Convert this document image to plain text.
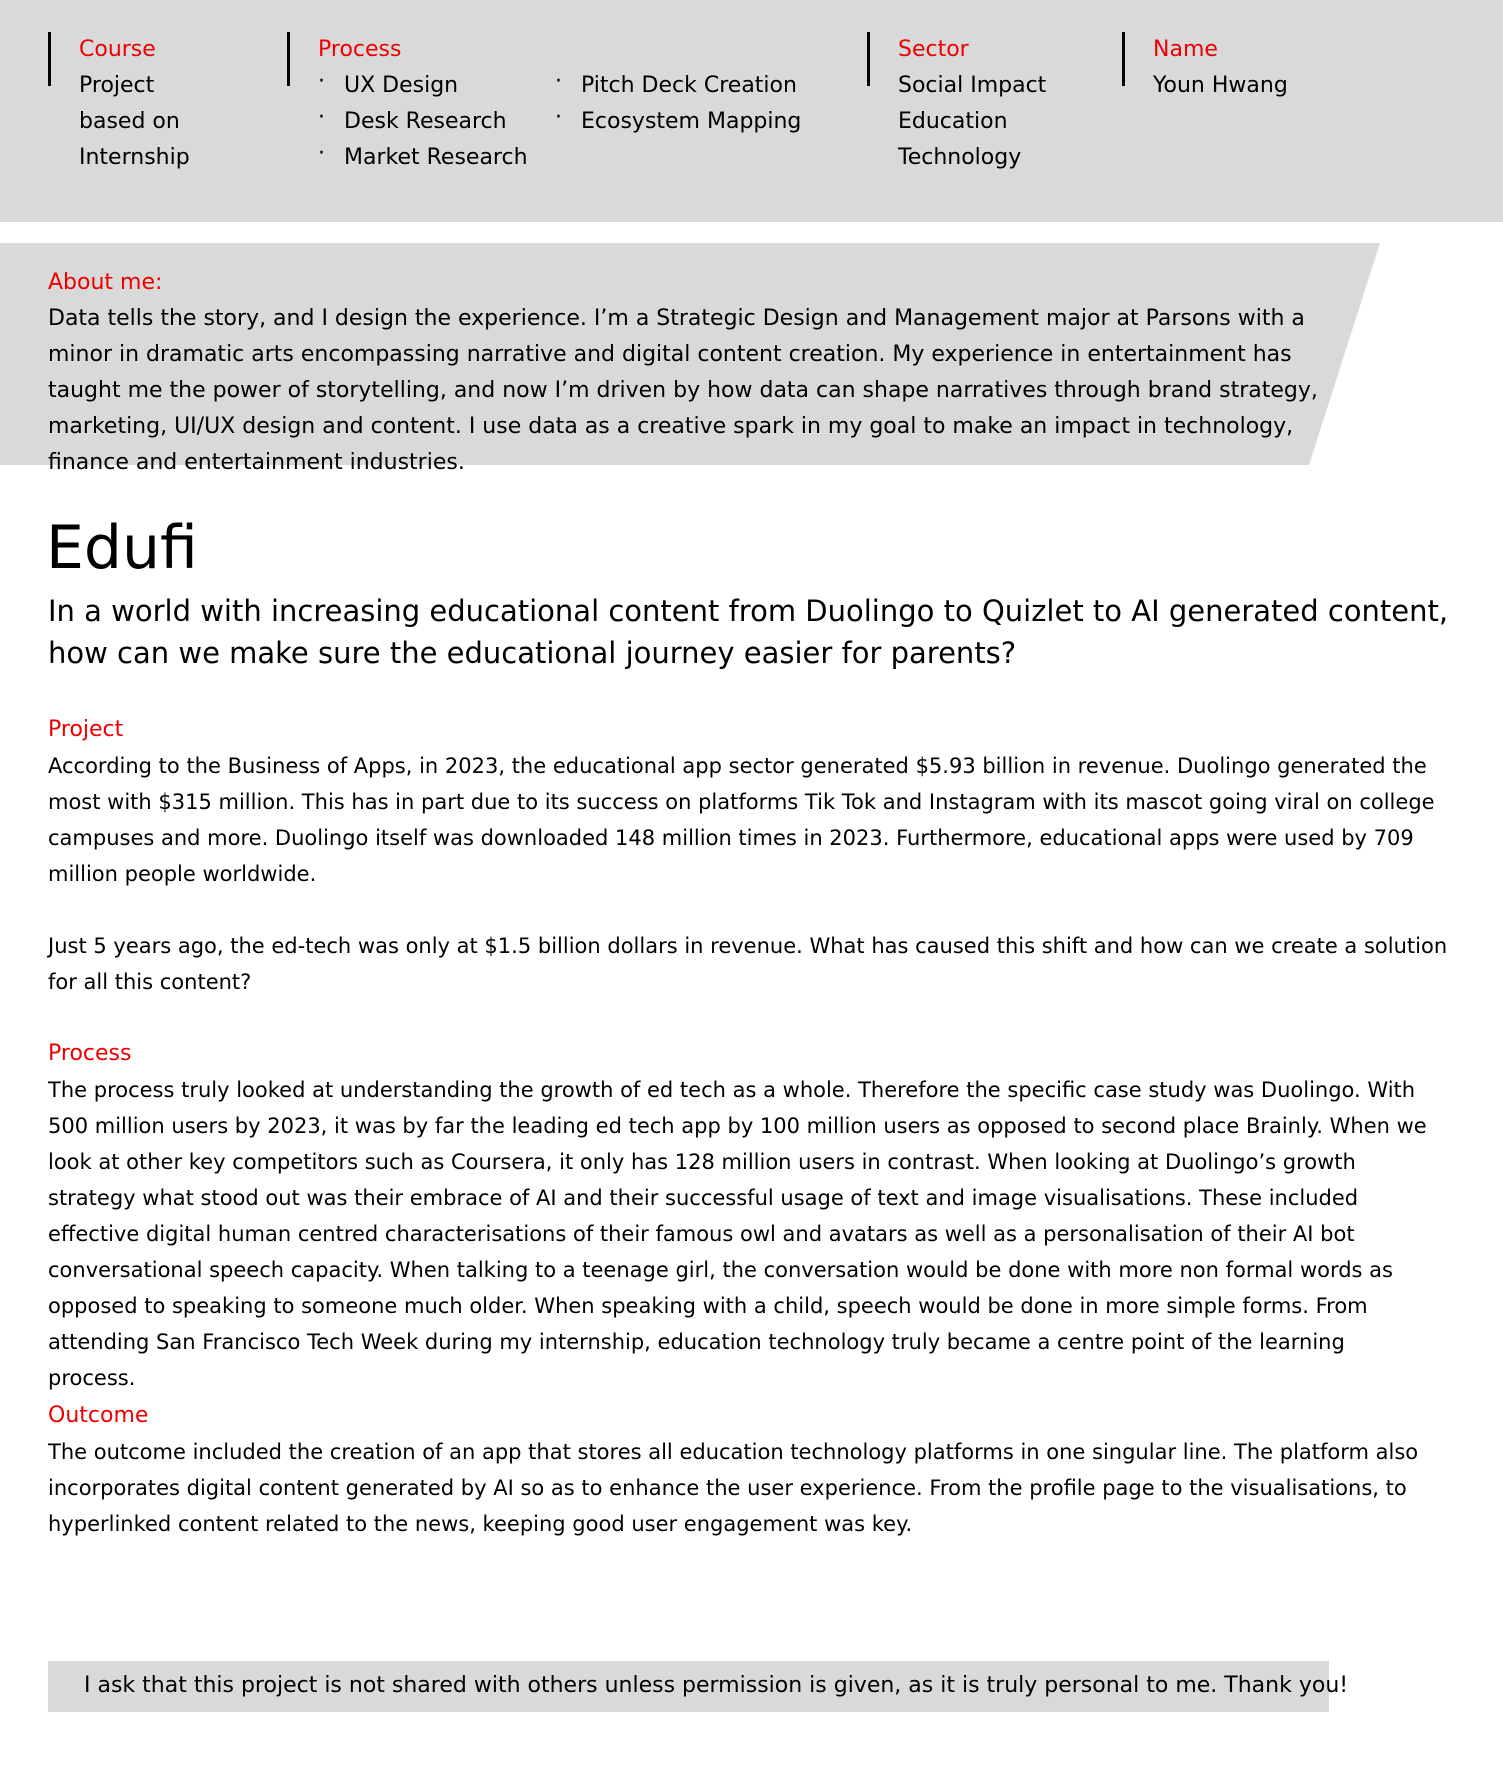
Course
Project
based on
Internship
Process
· UX Design
· Desk Research
· Market Research
· Pitch Deck Creation
· Ecosystem Mapping
Sector
Social Impact
Education
Technology
Name
Youn Hwang
About me:

Data tells the story, and I design the experience. I’m a Strategic Design and Management major at Parsons with a minor in dramatic arts encompassing narrative and digital content creation. My experience in entertainment has taught me the power of storytelling, and now I’m driven by how data can shape narratives through brand strategy, marketing, UI/UX design and content. I use data as a creative spark in my goal to make an impact in technology, finance and entertainment industries.

Edufi

In a world with increasing educational content from Duolingo to Quizlet to AI generated content, how can we make sure the educational journey easier for parents?

Project

According to the Business of Apps, in 2023, the educational app sector generated $5.93 billion in revenue. Duolingo generated the most with $315 million. This has in part due to its success on platforms Tik Tok and Instagram with its mascot going viral on college campuses and more. Duolingo itself was downloaded 148 million times in 2023. Furthermore, educational apps were used by 709 million people worldwide.

Just 5 years ago, the ed-tech was only at $1.5 billion dollars in revenue. What has caused this shift and how can we create a solution for all this content?

Process

The process truly looked at understanding the growth of ed tech as a whole. Therefore the specific case study was Duolingo. With 500 million users by 2023, it was by far the leading ed tech app by 100 million users as opposed to second place Brainly. When we look at other key competitors such as Coursera, it only has 128 million users in contrast. When looking at Duolingo’s growth strategy what stood out was their embrace of AI and their successful usage of text and image visualisations. These included effective digital human centred characterisations of their famous owl and avatars as well as a personalisation of their AI bot conversational speech capacity. When talking to a teenage girl, the conversation would be done with more non formal words as opposed to speaking to someone much older. When speaking with a child, speech would be done in more simple forms. From attending San Francisco Tech Week during my internship, education technology truly became a centre point of the learning process.

Outcome

The outcome included the creation of an app that stores all education technology platforms in one singular line. The platform also incorporates digital content generated by AI so as to enhance the user experience. From the profile page to the visualisations, to hyperlinked content related to the news, keeping good user engagement was key.

I ask that this project is not shared with others unless permission is given, as it is truly personal to me. Thank you!
